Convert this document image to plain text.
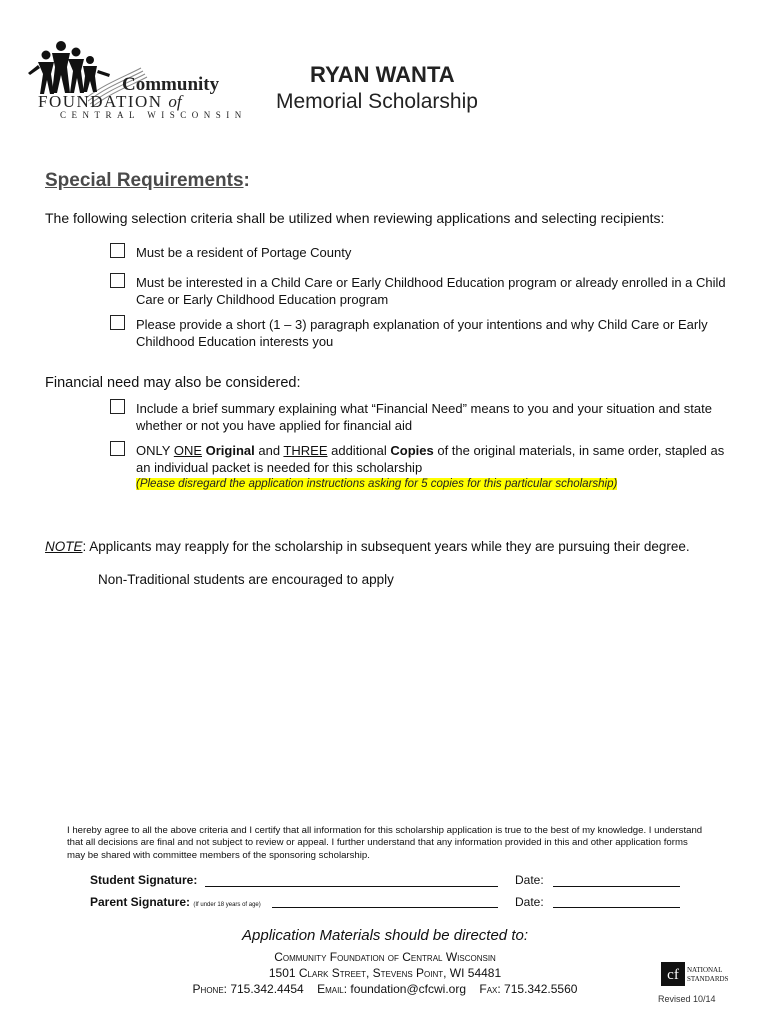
Community
FOUNDATION of
CENTRAL WISCONSIN
RYAN WANTA
Memorial Scholarship
Special Requirements:
The following selection criteria shall be utilized when reviewing applications and selecting recipients:
Must be a resident of Portage County
Must be interested in a Child Care or Early Childhood Education program or already enrolled in a Child Care or Early Childhood Education program
Please provide a short (1 – 3) paragraph explanation of your intentions and why Child Care or Early Childhood Education interests you
Financial need may also be considered:
Include a brief summary explaining what “Financial Need” means to you and your situation and state whether or not you have applied for financial aid
ONLY ONE Original and THREE additional Copies of the original materials, in same order, stapled as an individual packet is needed for this scholarship
(Please disregard the application instructions asking for 5 copies for this particular scholarship)
NOTE: Applicants may reapply for the scholarship in subsequent years while they are pursuing their degree.
Non-Traditional students are encouraged to apply
I hereby agree to all the above criteria and I certify that all information for this scholarship application is true to the best of my knowledge. I understand that all decisions are final and not subject to review or appeal. I further understand that any information provided in this and other application forms may be shared with committee members of the sponsoring scholarship.
Student Signature:	Date:
Parent Signature: (If under 18 years of age)	Date:
Application Materials should be directed to:
Community Foundation of Central Wisconsin
1501 Clark Street, Stevens Point, WI 54481
Phone: 715.342.4454 Email: foundation@cfcwi.org Fax: 715.342.5560
cf NATIONAL
STANDARDS
Revised 10/14
